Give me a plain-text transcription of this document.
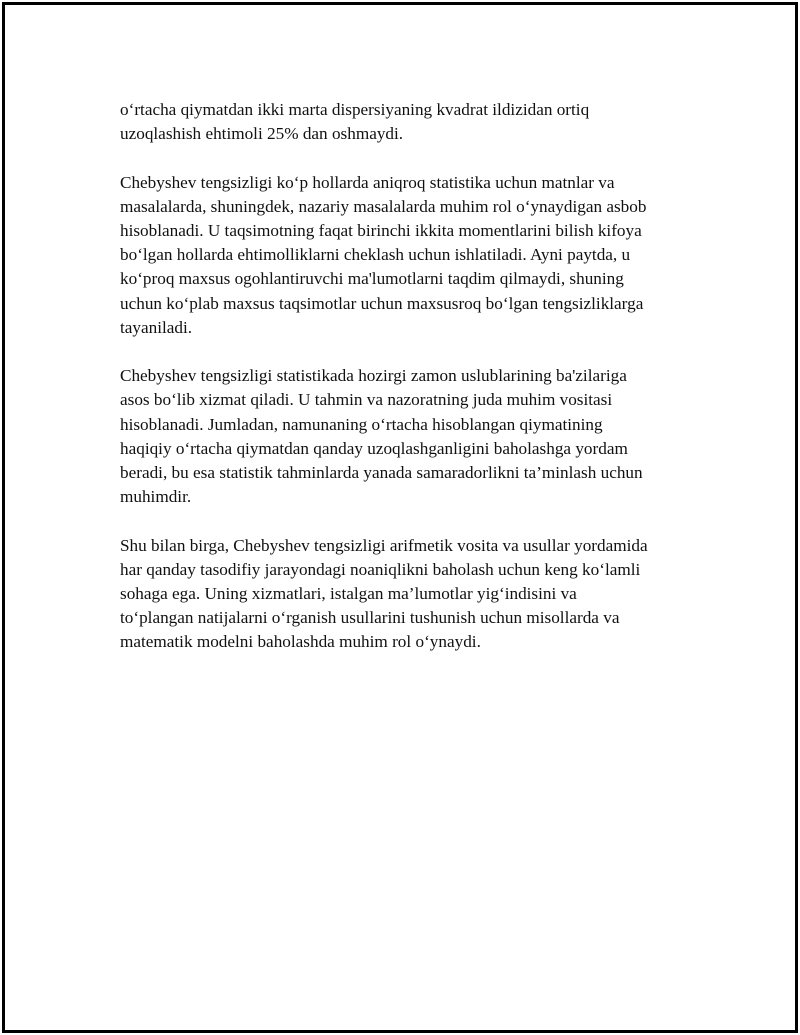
o‘rtacha qiymatdan ikki marta dispersiyaning kvadrat ildizidan ortiq
uzoqlashish ehtimoli 25% dan oshmaydi.

Chebyshev tengsizligi ko‘p hollarda aniqroq statistika uchun matnlar va
masalalarda, shuningdek, nazariy masalalarda muhim rol o‘ynaydigan asbob
hisoblanadi. U taqsimotning faqat birinchi ikkita momentlarini bilish kifoya
bo‘lgan hollarda ehtimolliklarni cheklash uchun ishlatiladi. Ayni paytda, u
ko‘proq maxsus ogohlantiruvchi ma'lumotlarni taqdim qilmaydi, shuning
uchun ko‘plab maxsus taqsimotlar uchun maxsusroq bo‘lgan tengsizliklarga
tayaniladi.

Chebyshev tengsizligi statistikada hozirgi zamon uslublarining ba'zilariga
asos bo‘lib xizmat qiladi. U tahmin va nazoratning juda muhim vositasi
hisoblanadi. Jumladan, namunaning o‘rtacha hisoblangan qiymatining
haqiqiy o‘rtacha qiymatdan qanday uzoqlashganligini baholashga yordam
beradi, bu esa statistik tahminlarda yanada samaradorlikni ta’minlash uchun
muhimdir.

Shu bilan birga, Chebyshev tengsizligi arifmetik vosita va usullar yordamida
har qanday tasodifiy jarayondagi noaniqlikni baholash uchun keng ko‘lamli
sohaga ega. Uning xizmatlari, istalgan ma’lumotlar yig‘indisini va
to‘plangan natijalarni o‘rganish usullarini tushunish uchun misollarda va
matematik modelni baholashda muhim rol o‘ynaydi.
